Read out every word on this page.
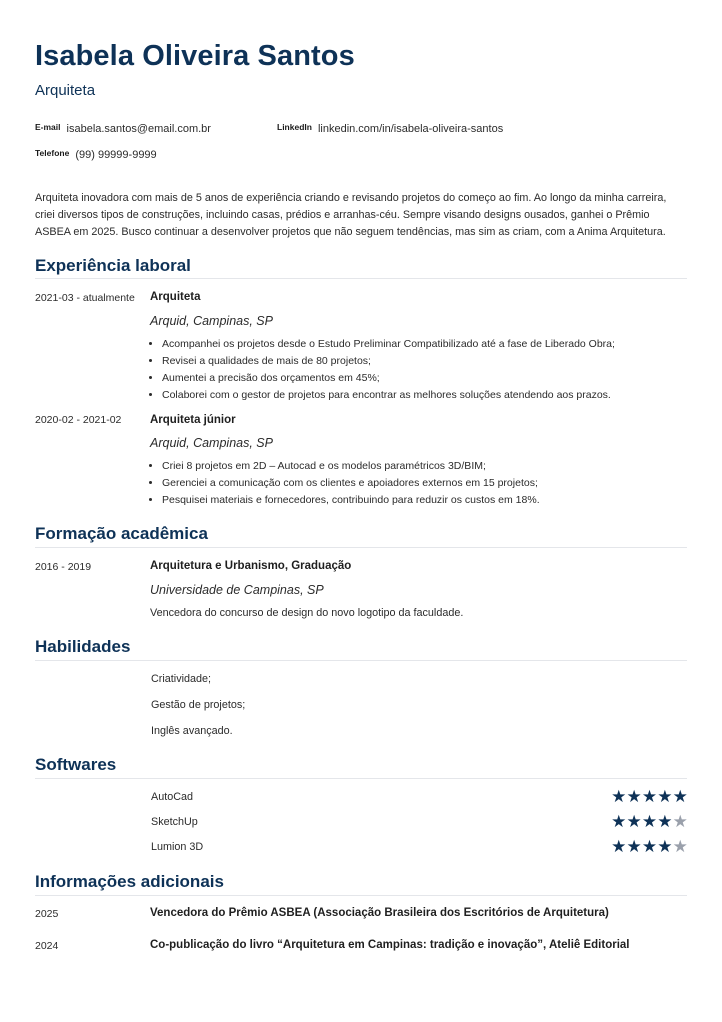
Isabela Oliveira Santos
Arquiteta
E-mail isabela.santos@email.com.br	LinkedIn linkedin.com/in/isabela-oliveira-santos
Telefone (99) 99999-9999

Arquiteta inovadora com mais de 5 anos de experiência criando e revisando projetos do começo ao fim. Ao longo da minha carreira, criei diversos tipos de construções, incluindo casas, prédios e arranhas-céu. Sempre visando designs ousados, ganhei o Prêmio ASBEA em 2025. Busco continuar a desenvolver projetos que não seguem tendências, mas sim as criam, com a Anima Arquitetura.

Experiência laboral
2021-03 - atualmente Arquiteta
Arquid, Campinas, SP
• Acompanhei os projetos desde o Estudo Preliminar Compatibilizado até a fase de Liberado Obra;
• Revisei a qualidades de mais de 80 projetos;
• Aumentei a precisão dos orçamentos em 45%;
• Colaborei com o gestor de projetos para encontrar as melhores soluções atendendo aos prazos.
2020-02 - 2021-02 Arquiteta júnior
Arquid, Campinas, SP
• Criei 8 projetos em 2D – Autocad e os modelos paramétricos 3D/BIM;
• Gerenciei a comunicação com os clientes e apoiadores externos em 15 projetos;
• Pesquisei materiais e fornecedores, contribuindo para reduzir os custos em 18%.
Formação acadêmica
2016 - 2019	Arquitetura e Urbanismo, Graduação
Universidade de Campinas, SP
Vencedora do concurso de design do novo logotipo da faculdade.
Habilidades
Criatividade;
Gestão de projetos;
Inglês avançado.
Softwares
AutoCad	★ ★ ★ ★ ★
SketchUp	★ ★ ★ ★ ★
Lumion 3D	★ ★ ★ ★ ★
Informações adicionais
2025	Vencedora do Prêmio ASBEA (Associação Brasileira dos Escritórios de Arquitetura)
2024	Co-publicação do livro “Arquitetura em Campinas: tradição e inovação”, Ateliê Editorial
